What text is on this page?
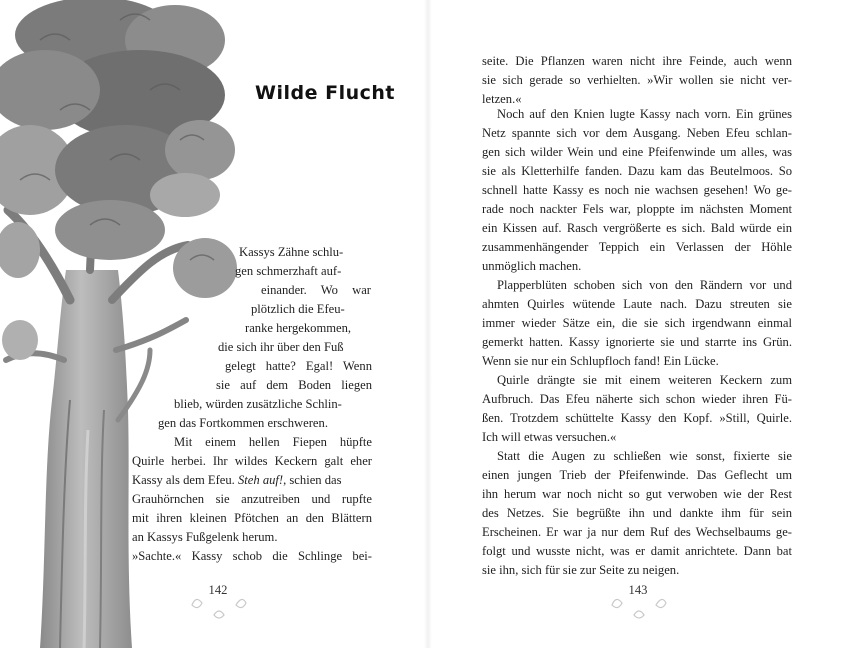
Wilde Flucht

Kassys Zähne schlu-

gen schmerzhaft auf-

einander. Wo war

plötzlich die Efeu-

ranke hergekommen,

die sich ihr über den Fuß

gelegt hatte? Egal! Wenn

sie auf dem Boden liegen

blieb, würden zusätzliche Schlin-

gen das Fortkommen erschweren.

Mit einem hellen Fiepen hüpfte

Quirle herbei. Ihr wildes Keckern galt eher

Kassy als dem Efeu. Steh auf!, schien das

Grauhörnchen sie anzutreiben und rupfte

mit ihren kleinen Pfötchen an den Blättern

an Kassys Fußgelenk herum.

»Sachte.« Kassy schob die Schlinge bei-

142

seite. Die Pflanzen waren nicht ihre Feinde, auch wenn

sie sich gerade so verhielten. »Wir wollen sie nicht ver-

letzen.«

Noch auf den Knien lugte Kassy nach vorn. Ein grünes

Netz spannte sich vor dem Ausgang. Neben Efeu schlan-

gen sich wilder Wein und eine Pfeifenwinde um alles, was

sie als Kletterhilfe fanden. Dazu kam das Beutelmoos. So

schnell hatte Kassy es noch nie wachsen gesehen! Wo ge-

rade noch nackter Fels war, ploppte im nächsten Moment

ein Kissen auf. Rasch vergrößerte es sich. Bald würde ein

zusammenhängender Teppich ein Verlassen der Höhle

unmöglich machen.

Plapperblüten schoben sich von den Rändern vor und

ahmten Quirles wütende Laute nach. Dazu streuten sie

immer wieder Sätze ein, die sie sich irgendwann einmal

gemerkt hatten. Kassy ignorierte sie und starrte ins Grün.

Wenn sie nur ein Schlupfloch fand! Ein Lücke.

Quirle drängte sie mit einem weiteren Keckern zum

Aufbruch. Das Efeu näherte sich schon wieder ihren Fü-

ßen. Trotzdem schüttelte Kassy den Kopf. »Still, Quirle.

Ich will etwas versuchen.«

Statt die Augen zu schließen wie sonst, fixierte sie

einen jungen Trieb der Pfeifenwinde. Das Geflecht um

ihn herum war noch nicht so gut verwoben wie der Rest

des Netzes. Sie begrüßte ihn und dankte ihm für sein

Erscheinen. Er war ja nur dem Ruf des Wechselbaums ge-

folgt und wusste nicht, was er damit anrichtete. Dann bat

sie ihn, sich für sie zur Seite zu neigen.

143
